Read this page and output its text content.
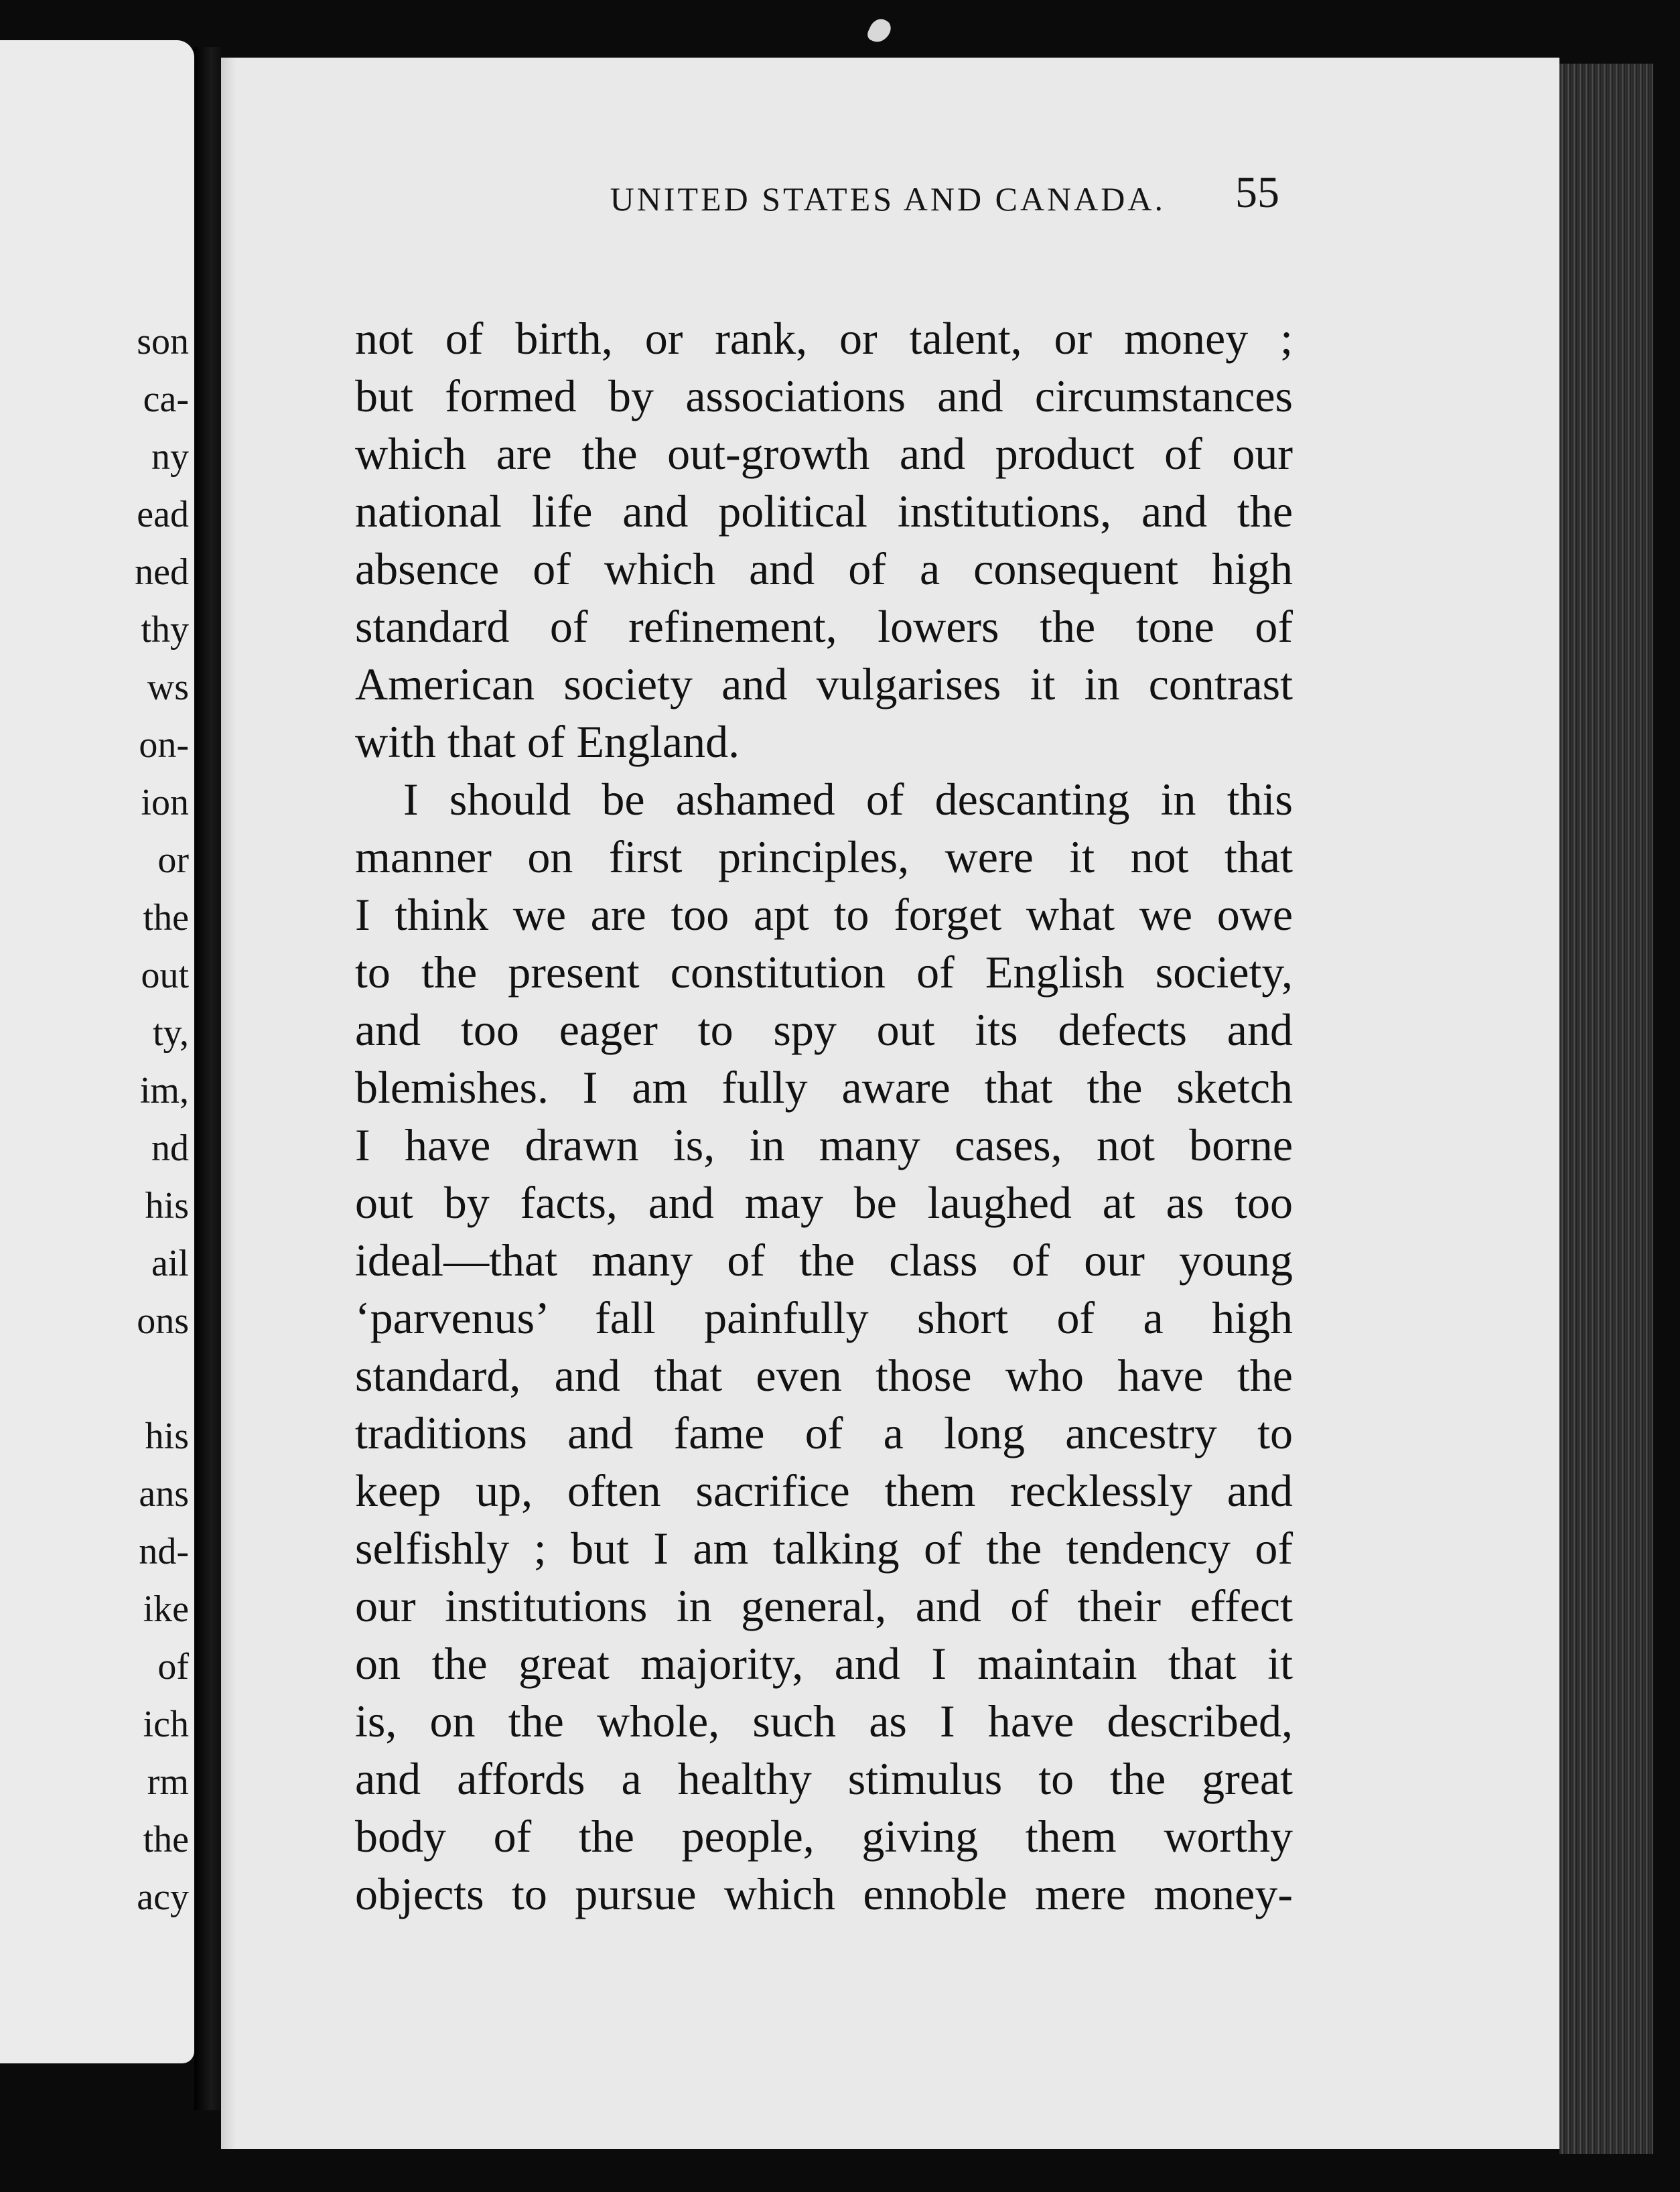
son
ca-
ny
ead
ned
thy
ws
on-
ion
or
the
out
ty,
im,
nd
his
ail
ons
his
ans
nd-
ike
of
ich
rm
the
acy
UNITED STATES AND CANADA. 55
not of birth, or rank, or talent, or money ;
but formed by associations and circumstances
which are the out-growth and product of our
national life and political institutions, and the
absence of which and of a consequent high
standard of refinement, lowers the tone of
American society and vulgarises it in contrast
with that of England.
I should be ashamed of descanting in this
manner on first principles, were it not that
I think we are too apt to forget what we owe
to the present constitution of English society,
and too eager to spy out its defects and
blemishes. I am fully aware that the sketch
I have drawn is, in many cases, not borne
out by facts, and may be laughed at as too
ideal—that many of the class of our young
‘parvenus’ fall painfully short of a high
standard, and that even those who have the
traditions and fame of a long ancestry to
keep up, often sacrifice them recklessly and
selfishly ; but I am talking of the tendency of
our institutions in general, and of their effect
on the great majority, and I maintain that it
is, on the whole, such as I have described,
and affords a healthy stimulus to the great
body of the people, giving them worthy
objects to pursue which ennoble mere money-
